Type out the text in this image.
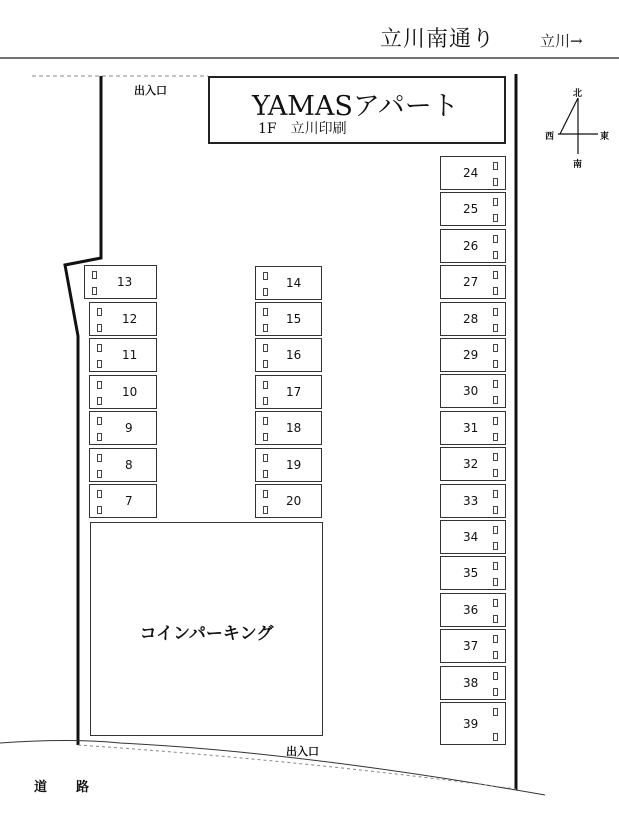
立川南通り	立川→
北
南
西	東
出入口
出入口
YAMASアパート
1F　立川印刷
13
12
11
10
9
8
7
14
15
16
17
18
19
20
24
25
26
27
28
29
30
31
32
33
34
35
36
37
38
39
コインパーキング
道　路
